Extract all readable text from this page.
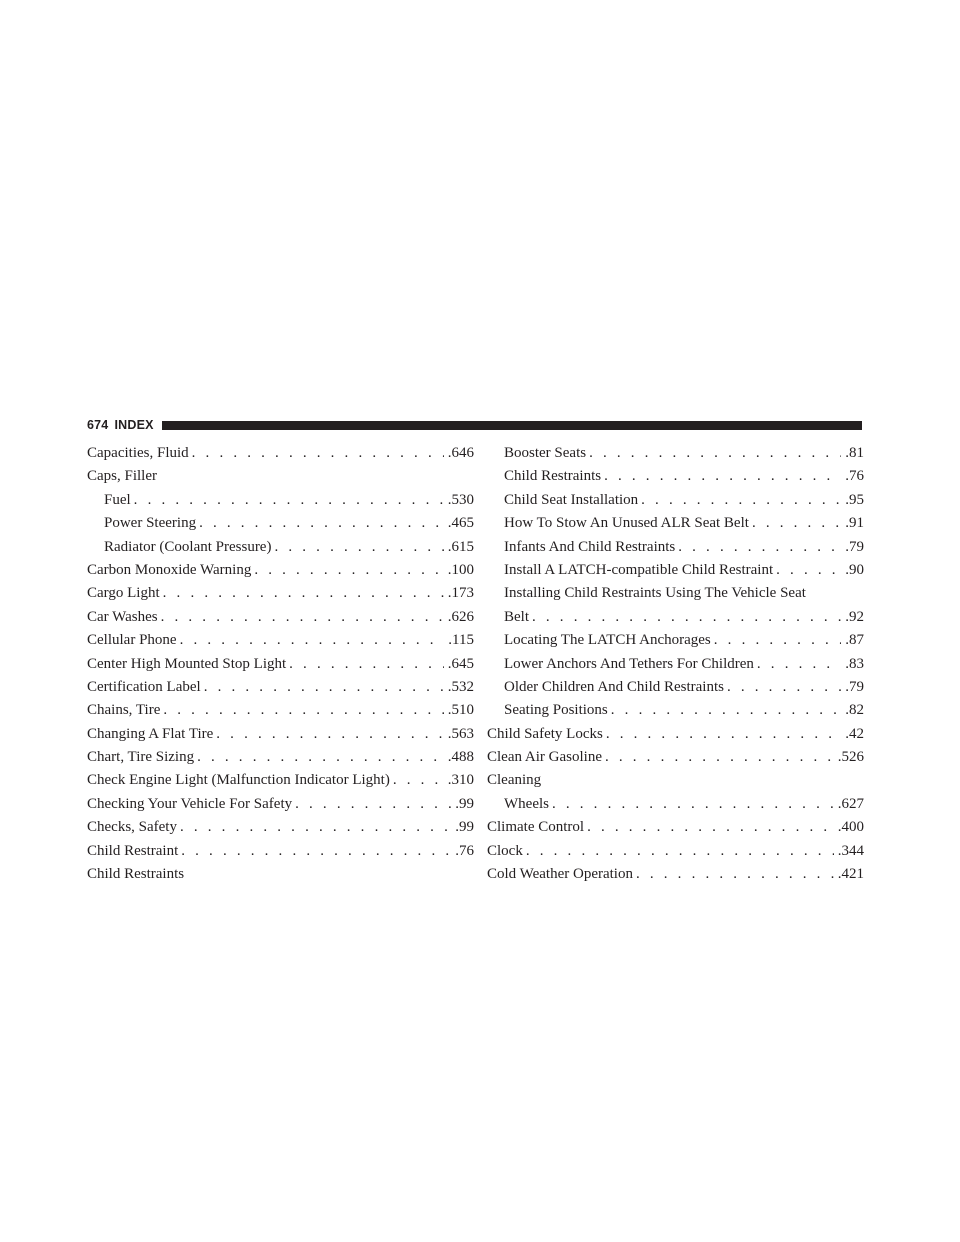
674 INDEX
Capacities, Fluid . . .	.646
Caps, Filler
Fuel . . .	.530
Power Steering . . .	.465
Radiator (Coolant Pressure) . . .	.615
Carbon Monoxide Warning . . .	.100
Cargo Light . . .	.173
Car Washes . . .	.626
Cellular Phone . . .	.115
Center High Mounted Stop Light . . .	.645
Certification Label . . .	.532
Chains, Tire . . .	.510
Changing A Flat Tire . . .	.563
Chart, Tire Sizing . . .	.488
Check Engine Light (Malfunction Indicator Light) . . .	.310
Checking Your Vehicle For Safety . . .	.99
Checks, Safety . . .	.99
Child Restraint . . .	.76
Child Restraints
Booster Seats . . .	.81
Child Restraints . . .	.76
Child Seat Installation . . .	.95
How To Stow An Unused ALR Seat Belt . . .	.91
Infants And Child Restraints . . .	.79
Install A LATCH-compatible Child Restraint . . .	.90
Installing Child Restraints Using The Vehicle Seat
Belt . . .	.92
Locating The LATCH Anchorages . . .	.87
Lower Anchors And Tethers For Children . . .	.83
Older Children And Child Restraints . . .	.79
Seating Positions . . .	.82
Child Safety Locks . . .	.42
Clean Air Gasoline . . .	.526
Cleaning
Wheels . . .	.627
Climate Control . . .	.400
Clock . . .	.344
Cold Weather Operation . . .	.421
